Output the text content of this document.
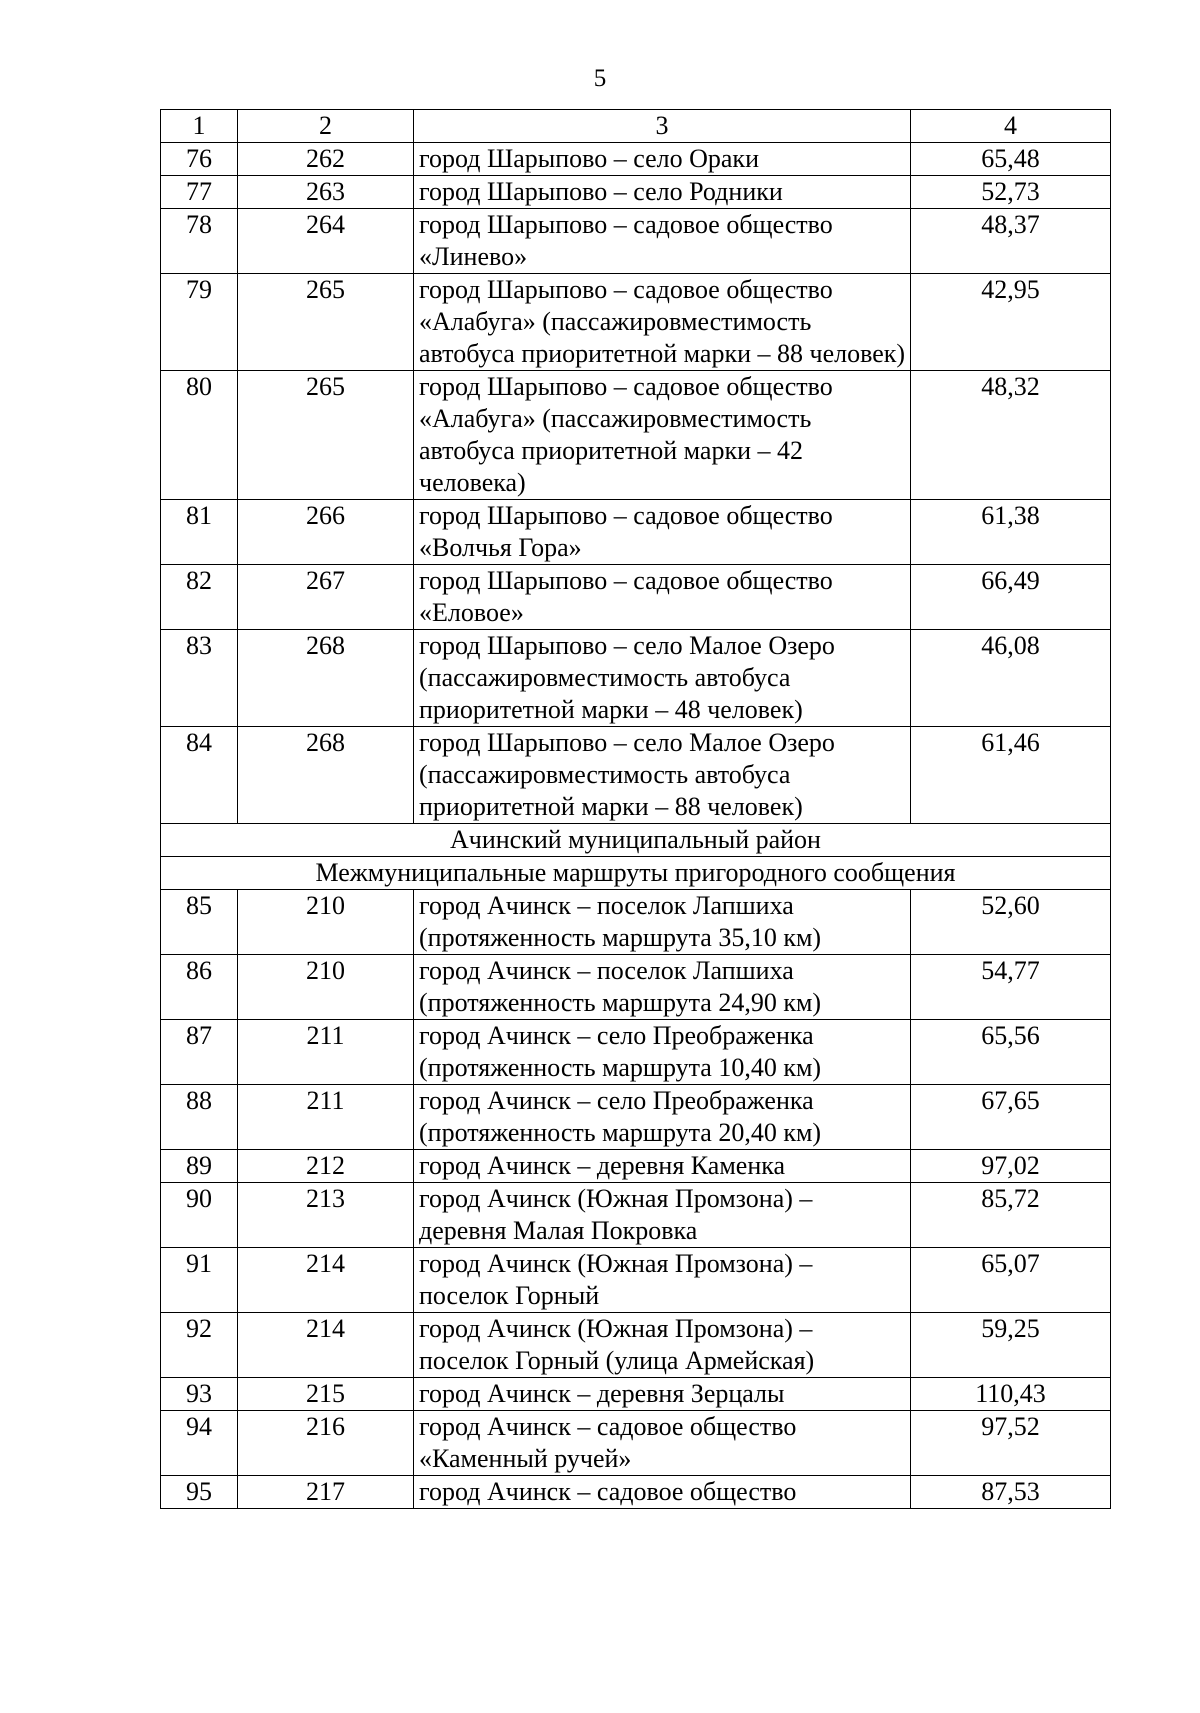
5
1	2	3	4
76	262	город Шарыпово – село Ораки	65,48
77	263	город Шарыпово – село Родники	52,73
78	264	город Шарыпово – садовое общество «Линево»	48,37
79	265	город Шарыпово – садовое общество «Алабуга» (пассажировместимость автобуса приоритетной марки – 88 человек)	42,95
80	265	город Шарыпово – садовое общество «Алабуга» (пассажировместимость автобуса приоритетной марки – 42 человека)	48,32
81	266	город Шарыпово – садовое общество «Волчья Гора»	61,38
82	267	город Шарыпово – садовое общество «Еловое»	66,49
83	268	город Шарыпово – село Малое Озеро (пассажировместимость автобуса приоритетной марки – 48 человек)	46,08
84	268	город Шарыпово – село Малое Озеро (пассажировместимость автобуса приоритетной марки – 88 человек)	61,46
Ачинский муниципальный район			
Межмуниципальные маршруты пригородного сообщения			
85	210	город Ачинск – поселок Лапшиха (протяженность маршрута 35,10 км)	52,60
86	210	город Ачинск – поселок Лапшиха (протяженность маршрута 24,90 км)	54,77
87	211	город Ачинск – село Преображенка (протяженность маршрута 10,40 км)	65,56
88	211	город Ачинск – село Преображенка (протяженность маршрута 20,40 км)	67,65
89	212	город Ачинск – деревня Каменка	97,02
90	213	город Ачинск (Южная Промзона) – деревня Малая Покровка	85,72
91	214	город Ачинск (Южная Промзона) – поселок Горный	65,07
92	214	город Ачинск (Южная Промзона) – поселок Горный (улица Армейская)	59,25
93	215	город Ачинск – деревня Зерцалы	110,43
94	216	город Ачинск – садовое общество «Каменный ручей»	97,52
95	217	город Ачинск – садовое общество	87,53
